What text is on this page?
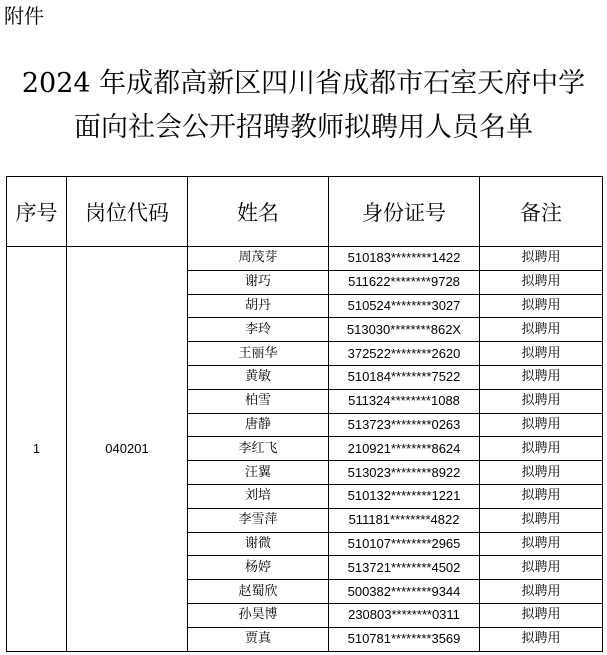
附件
2024 年成都高新区四川省成都市石室天府中学
面向社会公开招聘教师拟聘用人员名单
序号	岗位代码	姓名	身份证号	备注
1	040201	周茂芽	510183********1422	拟聘用
		谢巧	511622********9728	拟聘用
		胡丹	510524********3027	拟聘用
		李玲	513030********862X	拟聘用
		王丽华	372522********2620	拟聘用
		黄敏	510184********7522	拟聘用
		柏雪	511324********1088	拟聘用
		唐静	513723********0263	拟聘用
		李红飞	210921********8624	拟聘用
		汪翼	513023********8922	拟聘用
		刘培	510132********1221	拟聘用
		李雪萍	511181********4822	拟聘用
		谢微	510107********2965	拟聘用
		杨婷	513721********4502	拟聘用
		赵蜀欣	500382********9344	拟聘用
		孙昊博	230803********0311	拟聘用
		贾真	510781********3569	拟聘用
